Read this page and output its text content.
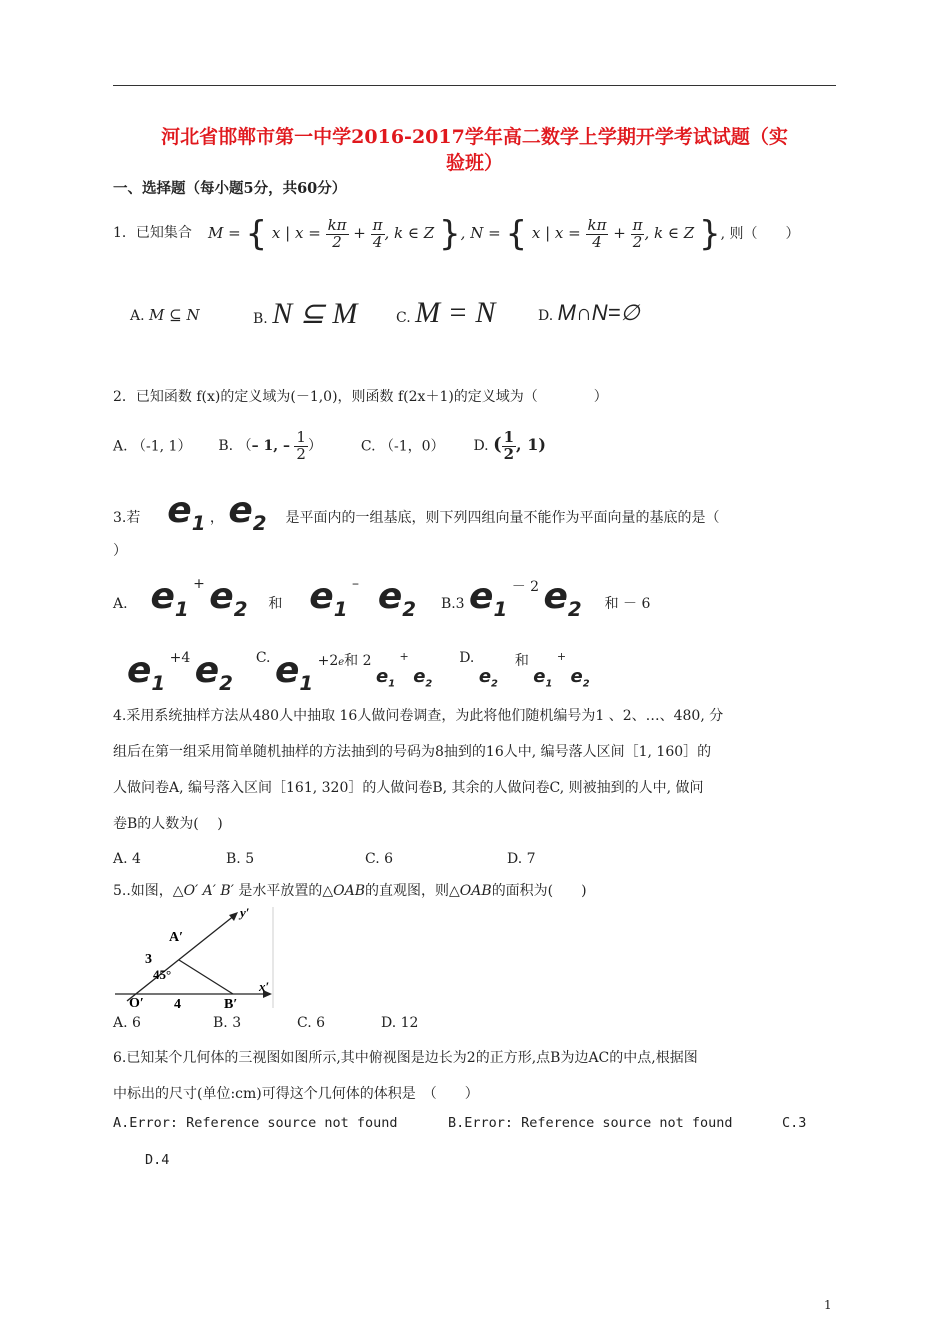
河北省邯郸市第一中学2016-2017学年高二数学上学期开学考试试题（实
验班）
一、选择题（每小题5分，共60分）
1．已知集合 M = { x | $x = \frac{k\pi}{2} + \frac{\pi}{4}$ , k ∈ Z }, N = { x | $x = \frac{k\pi}{4} + \frac{\pi}{2}$ , k ∈ Z }, 则（　　）
A. M ⊆ N	B. N ⊆ M	C. M = N	D. M∩N=∅
2．已知函数 f(x)的定义域为(－1,0)，则函数 f(2x＋1)的定义域为（　　　　）
A. （-1, 1） B. （– 1, – $\frac{1}{2}$ ）	C. （-1，0） D. ( $\frac{1}{2}$ , 1)
3.若 $e_1$ ， $e_2$ 是平面内的一组基底，则下列四组向量不能作为平面向量的基底的是（
）
A. $e_1 + e_2$ 和 $e_1 - e_2$ B.3 $e_1 - 2$ $e_2$ 和 － 6
$e_1 +4$ $e_2$  C. $e_1 +2e$和 2 $e_1$ + $e_2$  D. $e_2$  和 $e_1$ + $e_2$
4.采用系统抽样方法从480人中抽取 16人做问卷调查，为此将他们随机编号为1 、2、…、480, 分
组后在第一组采用简单随机抽样的方法抽到的号码为8抽到的16人中, 编号落人区间［1, 160］的
人做问卷A, 编号落入区间［161, 320］的人做问卷B, 其余的人做问卷C, 则被抽到的人中, 做问
卷B的人数为(　 )
A. 4	B. 5	C. 6	D. 7
5..如图，△O′ A′ B′ 是水平放置的△OAB的直观图，则△OAB的面积为(　　)
y′
x′
A′
B′
O′
3
4
45°
A. 6	B. 3	C. 6	D. 12
6.已知某个几何体的三视图如图所示,其中俯视图是边长为2的正方形,点B为边AC的中点,根据图
中标出的尺寸(单位:cm)可得这个几何体的体积是　（　　）
A.Error: Reference source not found	B.Error: Reference source not found	C.3
D.4
1
